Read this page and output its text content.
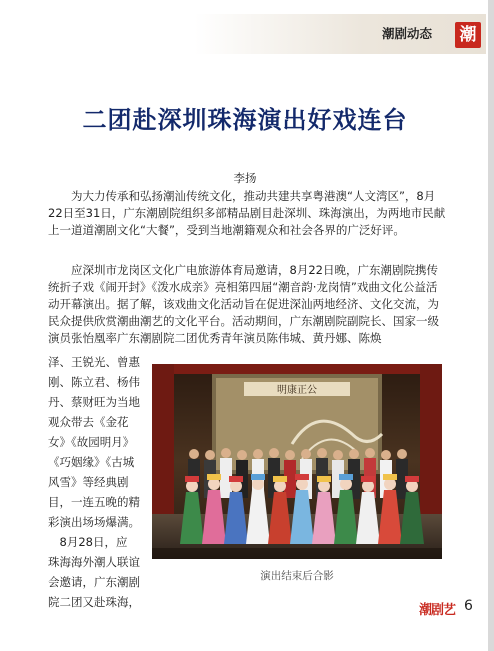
潮剧动态	潮
二团赴深圳珠海演出好戏连台
李扬

为大力传承和弘扬潮汕传统文化，推动共建共享粤港澳“人文湾区”，8月22日至31日，广东潮剧院组织多部精品剧目赴深圳、珠海演出，为两地市民献上一道道潮剧文化“大餐”，受到当地潮籍观众和社会各界的广泛好评。

应深圳市龙岗区文化广电旅游体育局邀请，8月22日晚，广东潮剧院携传统折子戏《闹开封》《泼水成亲》亮相第四届“潮音韵·龙岗情”戏曲文化公益活动开幕演出。据了解，该戏曲文化活动旨在促进深汕两地经济、文化交流，为民众提供欣赏潮曲潮艺的文化平台。活动期间，广东潮剧院副院长、国家一级演员张怡凰率广东潮剧院二团优秀青年演员陈伟城、黄丹娜、陈焕

泽、王锐光、曾惠
刚、陈立君、杨伟
丹、蔡财旺为当地
观众带去《金花
女》《故园明月》
《巧姻缘》《古城
风雪》等经典剧
目，一连五晚的精
彩演出场场爆满。
　8月28日，应
珠海海外潮人联谊
会邀请，广东潮剧
院二团又赴珠海，
明康正公
演出结束后合影
潮剧艺 6
